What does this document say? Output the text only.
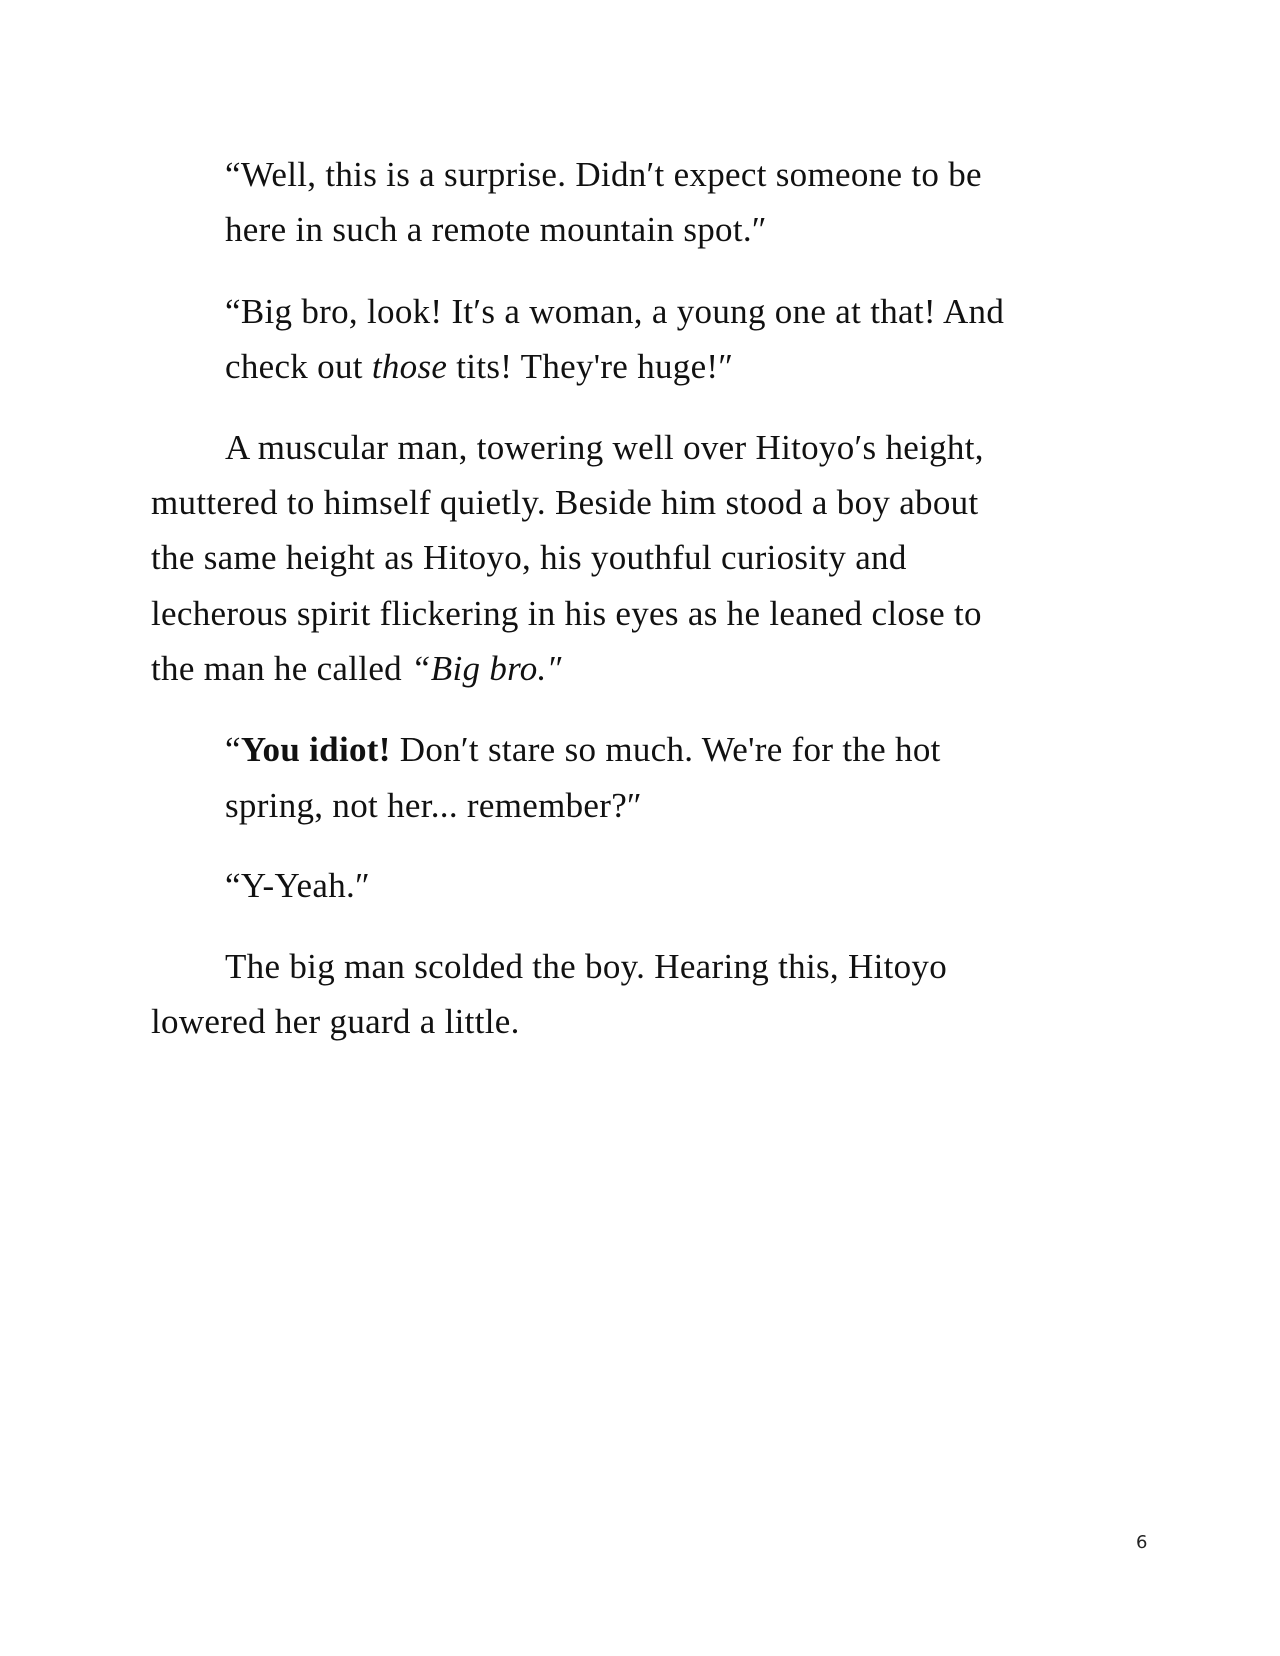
“Well, this is a surprise. Didn′t expect someone to be
here in such a remote mountain spot.″
“Big bro, look! It′s a woman, a young one at that! And
check out those tits! They're huge!″
A muscular man, towering well over Hitoyo′s height,
muttered to himself quietly. Beside him stood a boy about
the same height as Hitoyo, his youthful curiosity and
lecherous spirit flickering in his eyes as he leaned close to
the man he called “Big bro.″
“You idiot! Don′t stare so much. We're for the hot
spring, not her... remember?″
“Y-Yeah.″
The big man scolded the boy. Hearing this, Hitoyo
lowered her guard a little.
6
